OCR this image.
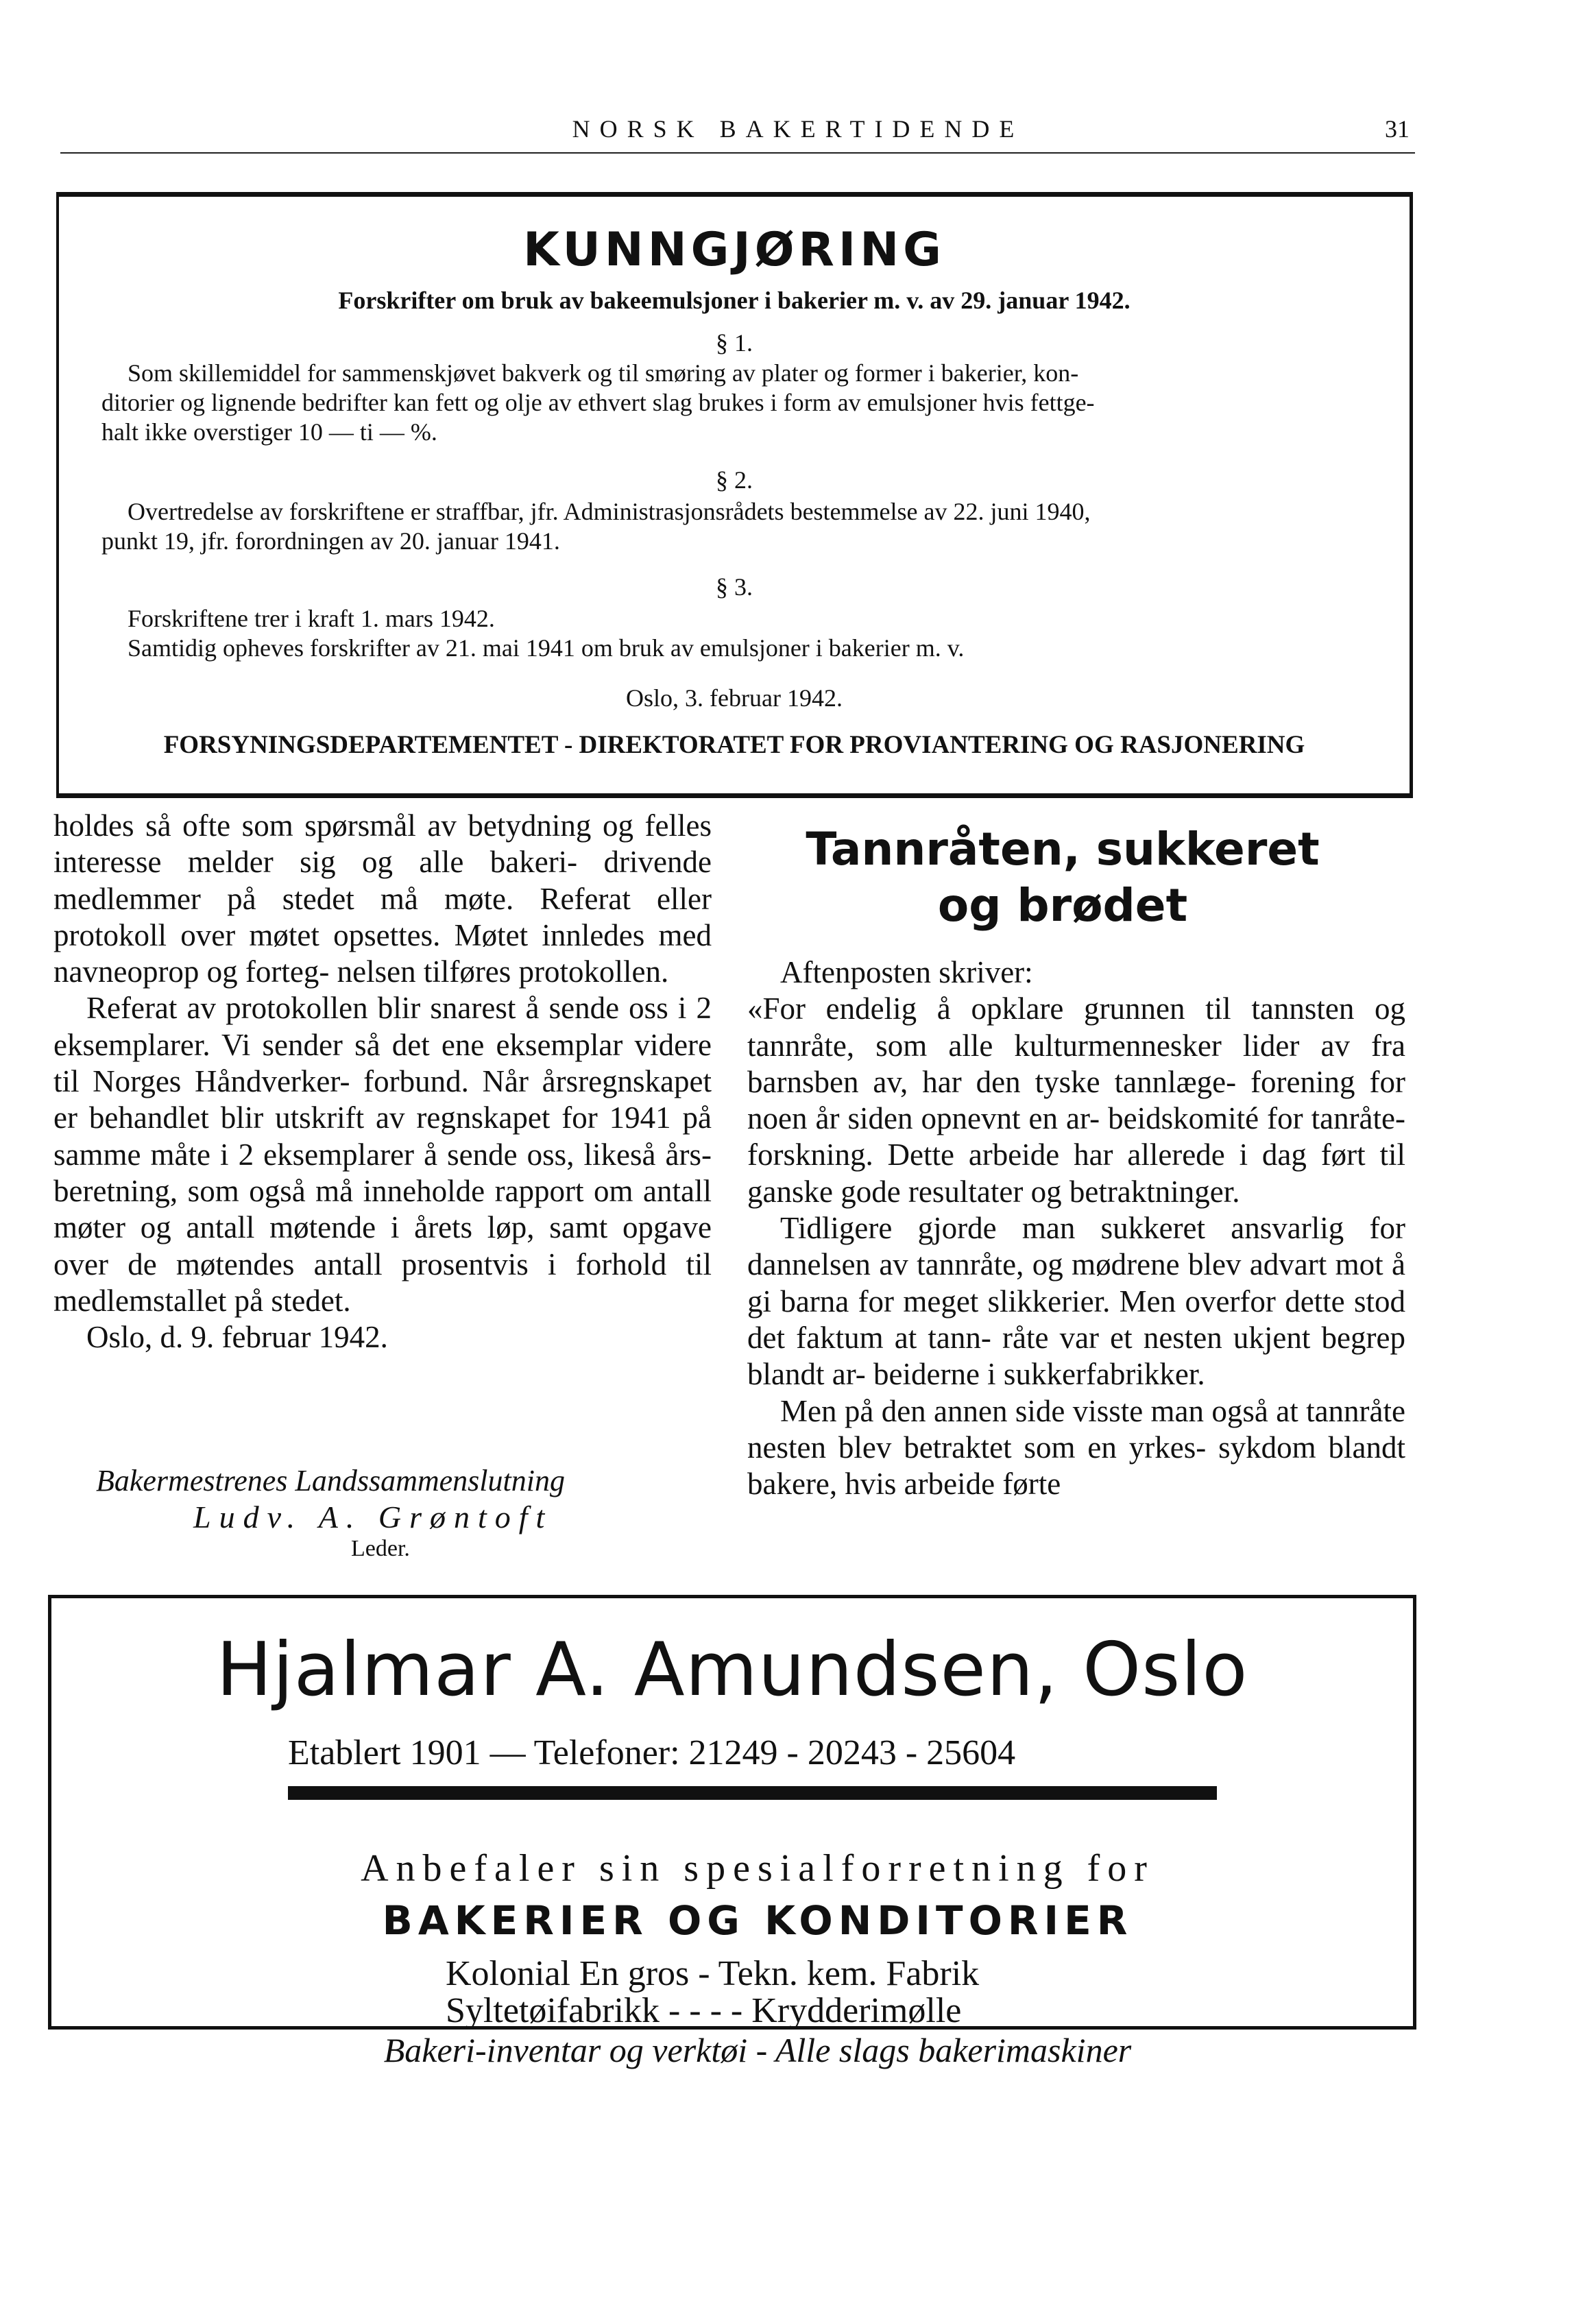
NORSK BAKERTIDENDE	31
KUNNGJØRING
Forskrifter om bruk av bakeemulsjoner i bakerier m. v. av 29. januar 1942.
§ 1.
Som skillemiddel for sammenskjøvet bakverk og til smøring av plater og former i bakerier, kon-
ditorier og lignende bedrifter kan fett og olje av ethvert slag brukes i form av emulsjoner hvis fettge-
halt ikke overstiger 10 — ti — %.
§ 2.
Overtredelse av forskriftene er straffbar, jfr. Administrasjonsrådets bestemmelse av 22. juni 1940,
punkt 19, jfr. forordningen av 20. januar 1941.
§ 3.
Forskriftene trer i kraft 1. mars 1942.
Samtidig opheves forskrifter av 21. mai 1941 om bruk av emulsjoner i bakerier m. v.
Oslo, 3. februar 1942.
FORSYNINGSDEPARTEMENTET - DIREKTORATET FOR PROVIANTERING OG RASJONERING

holdes så ofte som spørsmål av betydning og felles interesse melder sig og alle bakeri- drivende medlemmer på stedet må møte. Referat eller protokoll over møtet opsettes. Møtet innledes med navneoprop og forteg- nelsen tilføres protokollen.

Referat av protokollen blir snarest å sende oss i 2 eksemplarer. Vi sender så det ene eksemplar videre til Norges Håndverker- forbund. Når årsregnskapet er behandlet blir utskrift av regnskapet for 1941 på samme måte i 2 eksemplarer å sende oss, likeså års- beretning, som også må inneholde rapport om antall møter og antall møtende i årets løp, samt opgave over de møtendes antall prosentvis i forhold til medlemstallet på stedet.

Oslo, d. 9. februar 1942.

Bakermestrenes Landssammenslutning
Ludv. A. Grøntoft
Leder.
Tannråten, sukkeret
og brødet

Aftenposten skriver:

«For endelig å opklare grunnen til tannsten og tannråte, som alle kulturmennesker lider av fra barnsben av, har den tyske tannlæge- forening for noen år siden opnevnt en ar- beidskomité for tanråte-forskning. Dette arbeide har allerede i dag ført til ganske gode resultater og betraktninger.

Tidligere gjorde man sukkeret ansvarlig for dannelsen av tannråte, og mødrene blev advart mot å gi barna for meget slikkerier. Men overfor dette stod det faktum at tann- råte var et nesten ukjent begrep blandt ar- beiderne i sukkerfabrikker.

Men på den annen side visste man også at tannråte nesten blev betraktet som en yrkes- sykdom blandt bakere, hvis arbeide førte

Hjalmar A. Amundsen, Oslo
Etablert 1901 — Telefoner: 21249 - 20243 - 25604
Anbefaler sin spesialforretning for
BAKERIER OG KONDITORIER
Kolonial En gros - Tekn. kem. Fabrik
Syltetøifabrikk - - - - Krydderimølle
Bakeri-inventar og verktøi - Alle slags bakerimaskiner
